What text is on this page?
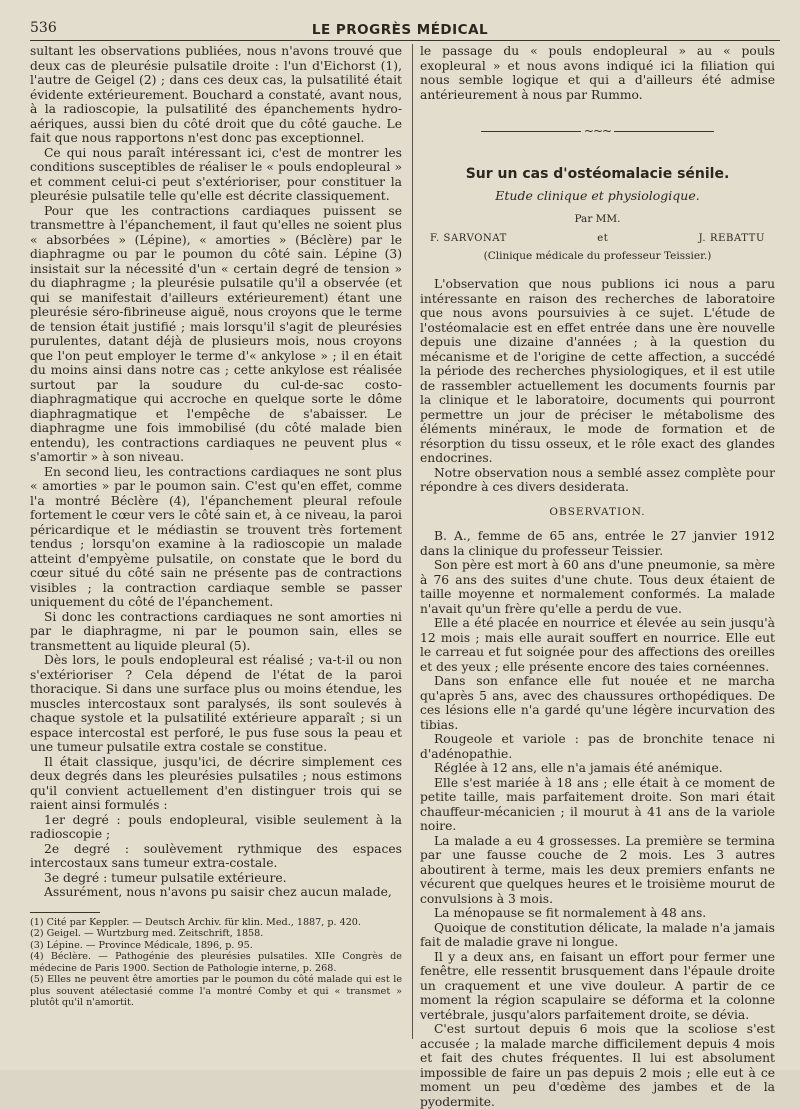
536	LE PROGRÈS MÉDICAL

sultant les observations publiées, nous n'avons trouvé que deux cas de pleurésie pulsatile droite : l'un d'Eichorst (1), l'autre de Geigel (2) ; dans ces deux cas, la pulsatilité était évidente extérieurement. Bouchard a constaté, avant nous, à la radioscopie, la pulsatilité des épanchements hydro-aériques, aussi bien du côté droit que du côté gauche. Le fait que nous rapportons n'est donc pas exceptionnel.

Ce qui nous paraît intéressant ici, c'est de montrer les conditions susceptibles de réaliser le « pouls endopleural » et comment celui-ci peut s'extérioriser, pour constituer la pleurésie pulsatile telle qu'elle est décrite classiquement.

Pour que les contractions cardiaques puissent se transmettre à l'épanchement, il faut qu'elles ne soient plus « absorbées » (Lépine), « amorties » (Béclère) par le diaphragme ou par le poumon du côté sain. Lépine (3) insistait sur la nécessité d'un « certain degré de tension » du diaphragme ; la pleurésie pulsatile qu'il a observée (et qui se manifestait d'ailleurs extérieurement) étant une pleurésie séro-fibrineuse aiguë, nous croyons que le terme de tension était justifié ; mais lorsqu'il s'agit de pleurésies purulentes, datant déjà de plusieurs mois, nous croyons que l'on peut employer le terme d'« ankylose » ; il en était du moins ainsi dans notre cas ; cette ankylose est réalisée surtout par la soudure du cul-de-sac costo-diaphragmatique qui accroche en quelque sorte le dôme diaphragmatique et l'empêche de s'abaisser. Le diaphragme une fois immobilisé (du côté malade bien entendu), les contractions cardiaques ne peuvent plus « s'amortir » à son niveau.

En second lieu, les contractions cardiaques ne sont plus « amorties » par le poumon sain. C'est qu'en effet, comme l'a montré Béclère (4), l'épanchement pleural refoule fortement le cœur vers le côté sain et, à ce niveau, la paroi péricardique et le médiastin se trouvent très fortement tendus ; lorsqu'on examine à la radioscopie un malade atteint d'empyème pulsatile, on constate que le bord du cœur situé du côté sain ne présente pas de contractions visibles ; la contraction cardiaque semble se passer uniquement du côté de l'épanchement.

Si donc les contractions cardiaques ne sont amorties ni par le diaphragme, ni par le poumon sain, elles se transmettent au liquide pleural (5).

Dès lors, le pouls endopleural est réalisé ; va-t-il ou non s'extérioriser ? Cela dépend de l'état de la paroi thoracique. Si dans une surface plus ou moins étendue, les muscles intercostaux sont paralysés, ils sont soulevés à chaque systole et la pulsatilité extérieure apparaît ; si un espace intercostal est perforé, le pus fuse sous la peau et une tumeur pulsatile extra costale se constitue.

Il était classique, jusqu'ici, de décrire simplement ces deux degrés dans les pleurésies pulsatiles ; nous estimons qu'il convient actuellement d'en distinguer trois qui se raient ainsi formulés :

1er degré : pouls endopleural, visible seulement à la radioscopie ;

2e degré : soulèvement rythmique des espaces intercostaux sans tumeur extra-costale.

3e degré : tumeur pulsatile extérieure.

Assurément, nous n'avons pu saisir chez aucun malade,

(1) Cité par Keppler. — Deutsch Archiv. für klin. Med., 1887, p. 420.

(2) Geigel. — Wurtzburg med. Zeitschrift, 1858.

(3) Lépine. — Province Médicale, 1896, p. 95.

(4) Béclère. — Pathogénie des pleurésies pulsatiles. XIIe Congrès de médecine de Paris 1900. Section de Pathologie interne, p. 268.

(5) Elles ne peuvent être amorties par le poumon du côté malade qui est le plus souvent atélectasié comme l'a montré Comby et qui « transmet » plutôt qu'il n'amortit.

le passage du « pouls endopleural » au « pouls exopleural » et nous avons indiqué ici la filiation qui nous semble logique et qui a d'ailleurs été admise antérieurement à nous par Rummo.

~~~
Sur un cas d'ostéomalacie sénile.
Etude clinique et physiologique.
Par MM.
F. SARVONAT	et	J. REBATTU
(Clinique médicale du professeur Teissier.)

L'observation que nous publions ici nous a paru intéressante en raison des recherches de laboratoire que nous avons poursuivies à ce sujet. L'étude de l'ostéomalacie est en effet entrée dans une ère nouvelle depuis une dizaine d'années ; à la question du mécanisme et de l'origine de cette affection, a succédé la période des recherches physiologiques, et il est utile de rassembler actuellement les documents fournis par la clinique et le laboratoire, documents qui pourront permettre un jour de préciser le métabolisme des éléments minéraux, le mode de formation et de résorption du tissu osseux, et le rôle exact des glandes endocrines.

Notre observation nous a semblé assez complète pour répondre à ces divers desiderata.

OBSERVATION.

B. A., femme de 65 ans, entrée le 27 janvier 1912 dans la clinique du professeur Teissier.

Son père est mort à 60 ans d'une pneumonie, sa mère à 76 ans des suites d'une chute. Tous deux étaient de taille moyenne et normalement conformés. La malade n'avait qu'un frère qu'elle a perdu de vue.

Elle a été placée en nourrice et élevée au sein jusqu'à 12 mois ; mais elle aurait souffert en nourrice. Elle eut le carreau et fut soignée pour des affections des oreilles et des yeux ; elle présente encore des taies cornéennes.

Dans son enfance elle fut nouée et ne marcha qu'après 5 ans, avec des chaussures orthopédiques. De ces lésions elle n'a gardé qu'une légère incurvation des tibias.

Rougeole et variole : pas de bronchite tenace ni d'adénopathie.

Réglée à 12 ans, elle n'a jamais été anémique.

Elle s'est mariée à 18 ans ; elle était à ce moment de petite taille, mais parfaitement droite. Son mari était chauffeur-mécanicien ; il mourut à 41 ans de la variole noire.

La malade a eu 4 grossesses. La première se termina par une fausse couche de 2 mois. Les 3 autres aboutirent à terme, mais les deux premiers enfants ne vécurent que quelques heures et le troisième mourut de convulsions à 3 mois.

La ménopause se fit normalement à 48 ans.

Quoique de constitution délicate, la malade n'a jamais fait de maladie grave ni longue.

Il y a deux ans, en faisant un effort pour fermer une fenêtre, elle ressentit brusquement dans l'épaule droite un craquement et une vive douleur. A partir de ce moment la région scapulaire se déforma et la colonne vertébrale, jusqu'alors parfaitement droite, se dévia.

C'est surtout depuis 6 mois que la scoliose s'est accusée ; la malade marche difficilement depuis 4 mois et fait des chutes fréquentes. Il lui est absolument impossible de faire un pas depuis 2 mois ; elle eut à ce moment un peu d'œdème des jambes et de la pyodermite.
